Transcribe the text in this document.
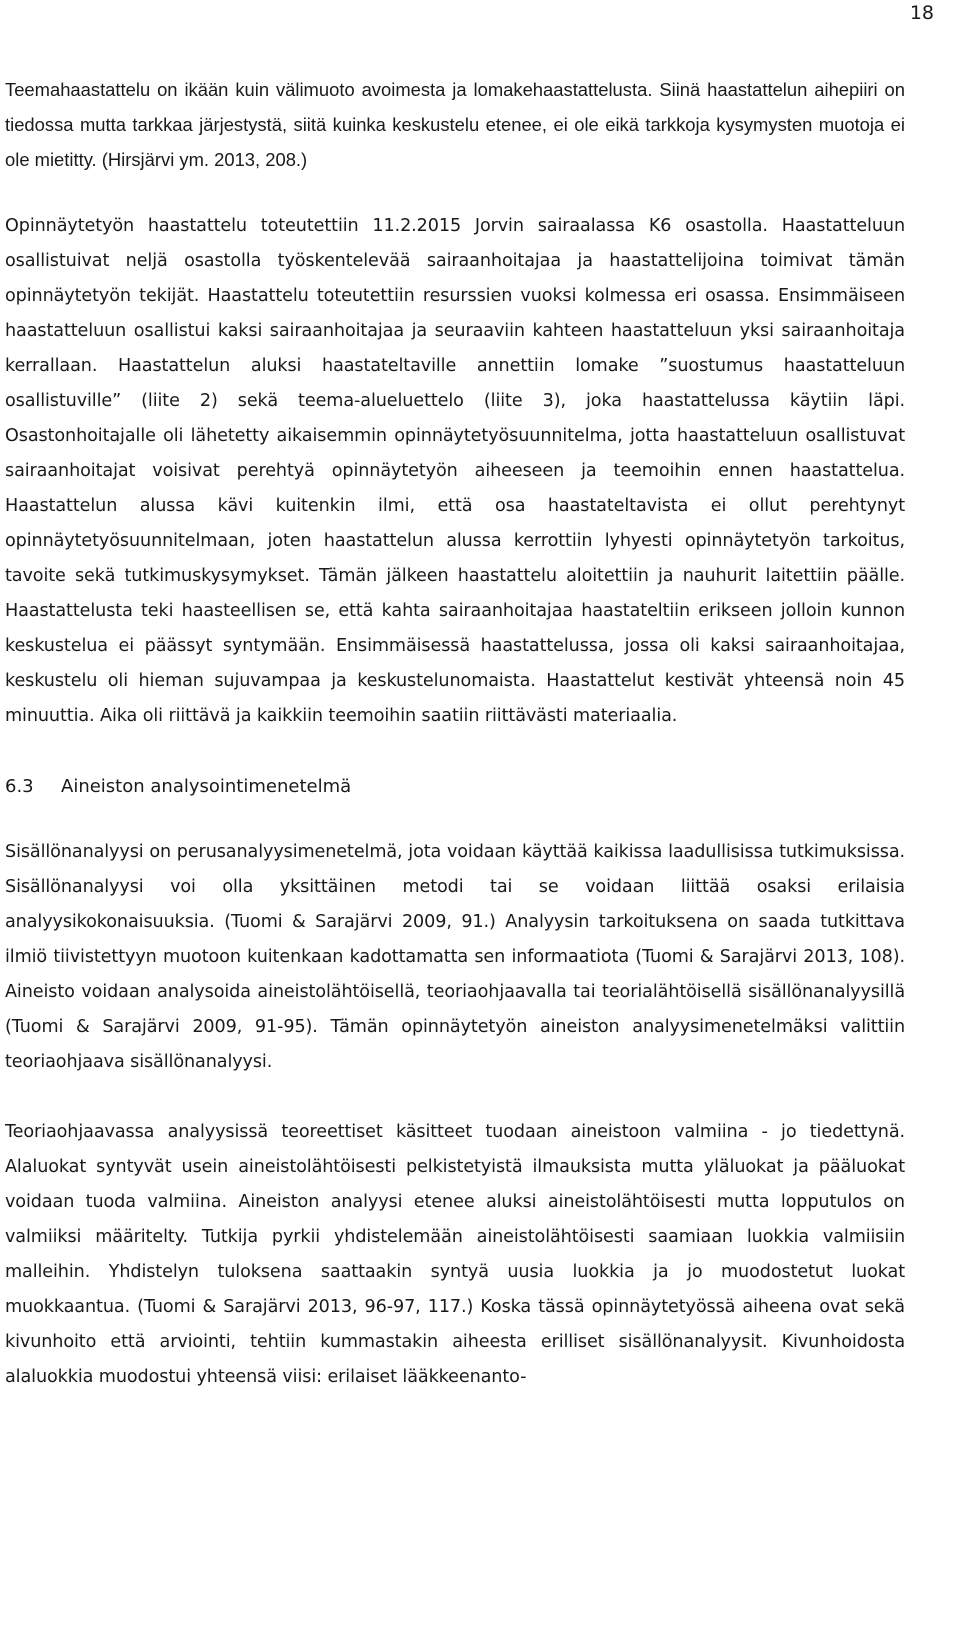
18

Teemahaastattelu on ikään kuin välimuoto avoimesta ja lomakehaastattelusta. Siinä haastattelun aihepiiri on tiedossa mutta tarkkaa järjestystä, siitä kuinka keskustelu etenee, ei ole eikä tarkkoja kysymysten muotoja ei ole mietitty. (Hirsjärvi ym. 2013, 208.)

Opinnäytetyön haastattelu toteutettiin 11.2.2015 Jorvin sairaalassa K6 osastolla. Haastatteluun osallistuivat neljä osastolla työskentelevää sairaanhoitajaa ja haastattelijoina toimivat tämän opinnäytetyön tekijät. Haastattelu toteutettiin resurssien vuoksi kolmessa eri osassa. Ensimmäiseen haastatteluun osallistui kaksi sairaanhoitajaa ja seuraaviin kahteen haastatteluun yksi sairaanhoitaja kerrallaan. Haastattelun aluksi haastateltaville annettiin lomake ”suostumus haastatteluun osallistuville” (liite 2) sekä teema-alueluettelo (liite 3), joka haastattelussa käytiin läpi. Osastonhoitajalle oli lähetetty aikaisemmin opinnäytetyösuunnitelma, jotta haastatteluun osallistuvat sairaanhoitajat voisivat perehtyä opinnäytetyön aiheeseen ja teemoihin ennen haastattelua. Haastattelun alussa kävi kuitenkin ilmi, että osa haastateltavista ei ollut perehtynyt opinnäytetyösuunnitelmaan, joten haastattelun alussa kerrottiin lyhyesti opinnäytetyön tarkoitus, tavoite sekä tutkimuskysymykset. Tämän jälkeen haastattelu aloitettiin ja nauhurit laitettiin päälle. Haastattelusta teki haasteellisen se, että kahta sairaanhoitajaa haastateltiin erikseen jolloin kunnon keskustelua ei päässyt syntymään. Ensimmäisessä haastattelussa, jossa oli kaksi sairaanhoitajaa, keskustelu oli hieman sujuvampaa ja keskustelunomaista. Haastattelut kestivät yhteensä noin 45 minuuttia. Aika oli riittävä ja kaikkiin teemoihin saatiin riittävästi materiaalia.

6.3	Aineiston analysointimenetelmä

Sisällönanalyysi on perusanalyysimenetelmä, jota voidaan käyttää kaikissa laadullisissa tutkimuksissa. Sisällönanalyysi voi olla yksittäinen metodi tai se voidaan liittää osaksi erilaisia analyysikokonaisuuksia. (Tuomi & Sarajärvi 2009, 91.) Analyysin tarkoituksena on saada tutkittava ilmiö tiivistettyyn muotoon kuitenkaan kadottamatta sen informaatiota (Tuomi & Sarajärvi 2013, 108). Aineisto voidaan analysoida aineistolähtöisellä, teoriaohjaavalla tai teorialähtöisellä sisällönanalyysillä (Tuomi & Sarajärvi 2009, 91-95). Tämän opinnäytetyön aineiston analyysimenetelmäksi valittiin teoriaohjaava sisällönanalyysi.

Teoriaohjaavassa analyysissä teoreettiset käsitteet tuodaan aineistoon valmiina - jo tiedettynä. Alaluokat syntyvät usein aineistolähtöisesti pelkistetyistä ilmauksista mutta yläluokat ja pääluokat voidaan tuoda valmiina. Aineiston analyysi etenee aluksi aineistolähtöisesti mutta lopputulos on valmiiksi määritelty. Tutkija pyrkii yhdistelemään aineistolähtöisesti saamiaan luokkia valmiisiin malleihin. Yhdistelyn tuloksena saattaakin syntyä uusia luokkia ja jo muodostetut luokat muokkaantua. (Tuomi & Sarajärvi 2013, 96-97, 117.) Koska tässä opinnäytetyössä aiheena ovat sekä kivunhoito että arviointi, tehtiin kummastakin aiheesta erilliset sisällönanalyysit. Kivunhoidosta alaluokkia muodostui yhteensä viisi: erilaiset lääkkeenanto-
